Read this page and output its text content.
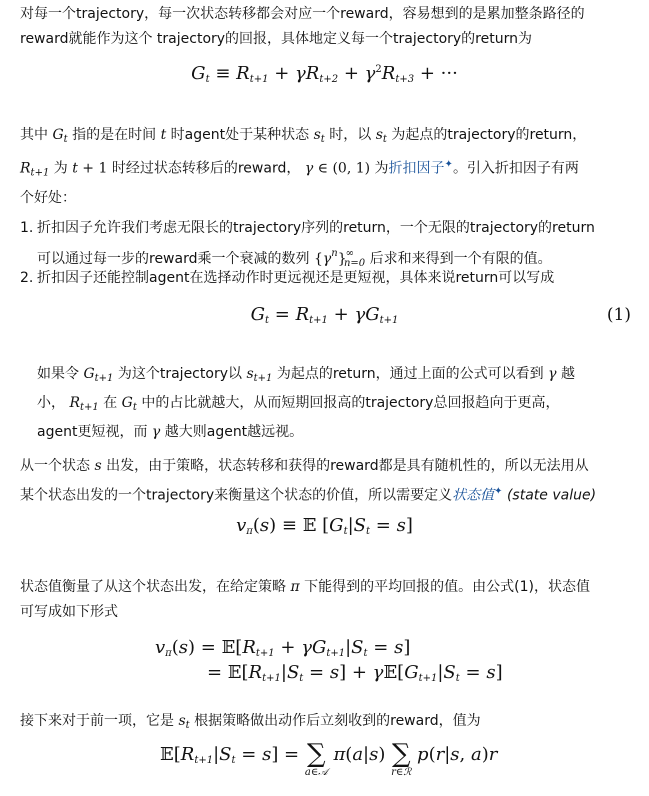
对每一个trajectory，每一次状态转移都会对应一个reward，容易想到的是累加整条路径的
reward就能作为这个 trajectory的回报，具体地定义每一个trajectory的return为
$G_t \equiv R_{t+1} + \gamma R_{t+2} + \gamma^2R_{t+3}$ + ···
其中 $G_t$ 指的是在时间 t 时agent处于某种状态 $s_t$ 时，以 $s_t$ 为起点的trajectory的return，
$R_{t+1}$ 为 t + 1 时经过状态转移后的reward， γ ∈ (0, 1) 为折扣因子✦。引入折扣因子有两
个好处：
1. 折扣因子允许我们考虑无限长的trajectory序列的return，一个无限的trajectory的return
可以通过每一步的reward乘一个衰减的数列 $\{\gamma^n\}^\infty_{n=0}$ 后求和来得到一个有限的值。
2. 折扣因子还能控制agent在选择动作时更远视还是更短视，具体来说return可以写成
$G_t = R_{t+1} + \gamma G_{t+1}$	(1)
如果令 $G_{t+1}$ 为这个trajectory以 $s_{t+1}$ 为起点的return，通过上面的公式可以看到 γ 越
小， $R_{t+1}$ 在 $G_t$ 中的占比就越大，从而短期回报高的trajectory总回报趋向于更高，
agent更短视，而 γ 越大则agent越远视。
从一个状态 s 出发，由于策略，状态转移和获得的reward都是具有随机性的，所以无法用从
某个状态出发的一个trajectory来衡量这个状态的价值，所以需要定义状态值✦ (state value)
$v_\pi(s)$ ≡ 𝔼 $[G_t|S_t = s]$
状态值衡量了从这个状态出发，在给定策略 π 下能得到的平均回报的值。由公式(1)，状态值
可写成如下形式
$v_\pi(s)$ = $𝔼[R_{t+1} + \gamma G_{t+1}|S_t = s]$
= $𝔼[R_{t+1}|S_t = s]$ + $\gamma 𝔼[G_{t+1}|S_t = s]$
接下来对于前一项，它是 $s_t$ 根据策略做出动作后立刻收到的reward，值为
$𝔼[R_{t+1}|S_t = s]$ = ∑
a∈𝒜
π(a|s) ∑
r∈ℛ
p(r|s, a)r
